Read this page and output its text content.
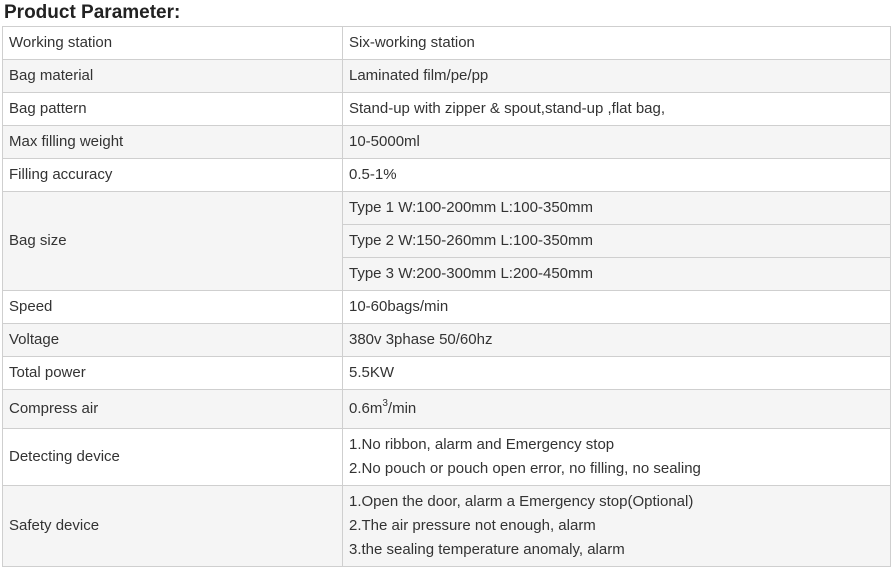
Product Parameter:
Working station	Six-working station
Bag material	Laminated film/pe/pp
Bag pattern	Stand-up with zipper & spout,stand-up ,flat bag,
Max filling weight	10-5000ml
Filling accuracy	0.5-1%
Bag size	Type 1 W:100-200mm L:100-350mm
	Type 2 W:150-260mm L:100-350mm
	Type 3 W:200-300mm L:200-450mm
Speed	10-60bags/min
Voltage	380v 3phase 50/60hz
Total power	5.5KW
Compress air	$0.6m^3/\min$
Detecting device	1.No ribbon, alarm and Emergency stop
2.No pouch or pouch open error, no filling, no sealing

Safety device	1.Open the door, alarm a Emergency stop(Optional)
2.The air pressure not enough, alarm
3.the sealing temperature anomaly, alarm
